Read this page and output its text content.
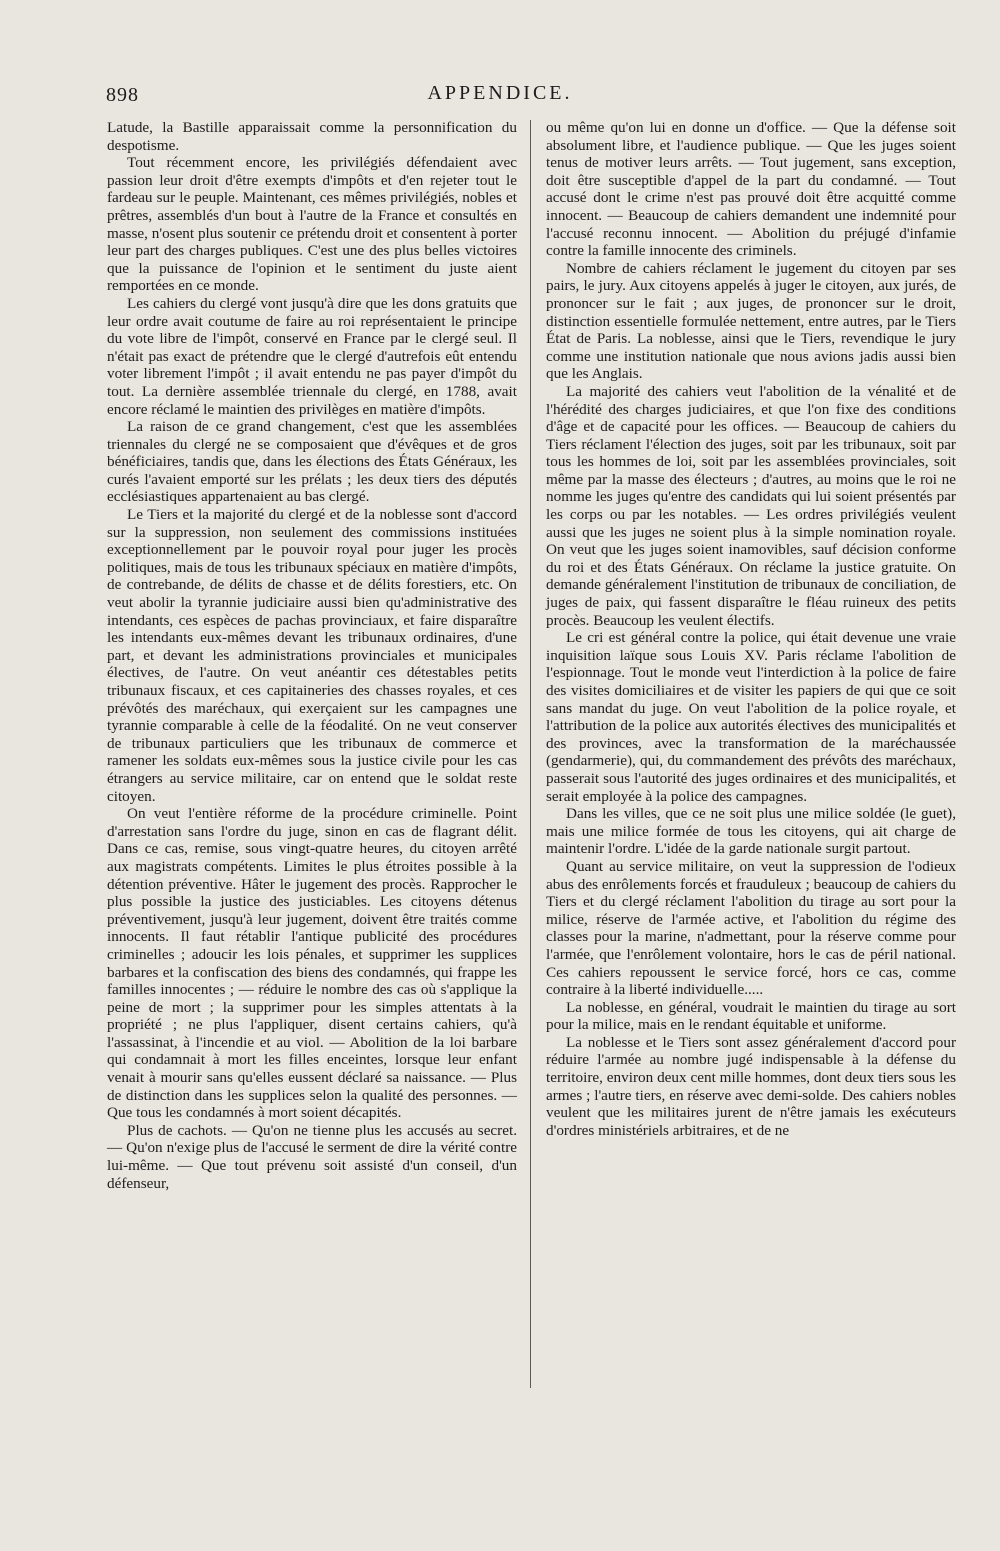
898	APPENDICE.

Latude, la Bastille apparaissait comme la personnification du despotisme.

Tout récemment encore, les privilégiés défendaient avec passion leur droit d'être exempts d'impôts et d'en rejeter tout le fardeau sur le peuple. Maintenant, ces mêmes privilégiés, nobles et prêtres, assemblés d'un bout à l'autre de la France et consultés en masse, n'osent plus soutenir ce prétendu droit et consentent à porter leur part des charges publiques. C'est une des plus belles victoires que la puissance de l'opinion et le sentiment du juste aient remportées en ce monde.

Les cahiers du clergé vont jusqu'à dire que les dons gratuits que leur ordre avait coutume de faire au roi représentaient le principe du vote libre de l'impôt, conservé en France par le clergé seul. Il n'était pas exact de prétendre que le clergé d'autrefois eût entendu voter librement l'impôt ; il avait entendu ne pas payer d'impôt du tout. La dernière assemblée triennale du clergé, en 1788, avait encore réclamé le maintien des privilèges en matière d'impôts.

La raison de ce grand changement, c'est que les assemblées triennales du clergé ne se composaient que d'évêques et de gros bénéficiaires, tandis que, dans les élections des États Généraux, les curés l'avaient emporté sur les prélats ; les deux tiers des députés ecclésiastiques appartenaient au bas clergé.

Le Tiers et la majorité du clergé et de la noblesse sont d'accord sur la suppression, non seulement des commissions instituées exceptionnellement par le pouvoir royal pour juger les procès politiques, mais de tous les tribunaux spéciaux en matière d'impôts, de contrebande, de délits de chasse et de délits forestiers, etc. On veut abolir la tyrannie judiciaire aussi bien qu'administrative des intendants, ces espèces de pachas provinciaux, et faire disparaître les intendants eux-mêmes devant les tribunaux ordinaires, d'une part, et devant les administrations provinciales et municipales électives, de l'autre. On veut anéantir ces détestables petits tribunaux fiscaux, et ces capitaineries des chasses royales, et ces prévôtés des maréchaux, qui exerçaient sur les campagnes une tyrannie comparable à celle de la féodalité. On ne veut conserver de tribunaux particuliers que les tribunaux de commerce et ramener les soldats eux-mêmes sous la justice civile pour les cas étrangers au service militaire, car on entend que le soldat reste citoyen.

On veut l'entière réforme de la procédure criminelle. Point d'arrestation sans l'ordre du juge, sinon en cas de flagrant délit. Dans ce cas, remise, sous vingt-quatre heures, du citoyen arrêté aux magistrats compétents. Limites le plus étroites possible à la détention préventive. Hâter le jugement des procès. Rapprocher le plus possible la justice des justiciables. Les citoyens détenus préventivement, jusqu'à leur jugement, doivent être traités comme innocents. Il faut rétablir l'antique publicité des procédures criminelles ; adoucir les lois pénales, et supprimer les supplices barbares et la confiscation des biens des condamnés, qui frappe les familles innocentes ; — réduire le nombre des cas où s'applique la peine de mort ; la supprimer pour les simples attentats à la propriété ; ne plus l'appliquer, disent certains cahiers, qu'à l'assassinat, à l'incendie et au viol. — Abolition de la loi barbare qui condamnait à mort les filles enceintes, lorsque leur enfant venait à mourir sans qu'elles eussent déclaré sa naissance. — Plus de distinction dans les supplices selon la qualité des personnes. — Que tous les condamnés à mort soient décapités.

Plus de cachots. — Qu'on ne tienne plus les accusés au secret. — Qu'on n'exige plus de l'accusé le serment de dire la vérité contre lui-même. — Que tout prévenu soit assisté d'un conseil, d'un défenseur,

ou même qu'on lui en donne un d'office. — Que la défense soit absolument libre, et l'audience publique. — Que les juges soient tenus de motiver leurs arrêts. — Tout jugement, sans exception, doit être susceptible d'appel de la part du condamné. — Tout accusé dont le crime n'est pas prouvé doit être acquitté comme innocent. — Beaucoup de cahiers demandent une indemnité pour l'accusé reconnu innocent. — Abolition du préjugé d'infamie contre la famille innocente des criminels.

Nombre de cahiers réclament le jugement du citoyen par ses pairs, le jury. Aux citoyens appelés à juger le citoyen, aux jurés, de prononcer sur le fait ; aux juges, de prononcer sur le droit, distinction essentielle formulée nettement, entre autres, par le Tiers État de Paris. La noblesse, ainsi que le Tiers, revendique le jury comme une institution nationale que nous avions jadis aussi bien que les Anglais.

La majorité des cahiers veut l'abolition de la vénalité et de l'hérédité des charges judiciaires, et que l'on fixe des conditions d'âge et de capacité pour les offices. — Beaucoup de cahiers du Tiers réclament l'élection des juges, soit par les tribunaux, soit par tous les hommes de loi, soit par les assemblées provinciales, soit même par la masse des électeurs ; d'autres, au moins que le roi ne nomme les juges qu'entre des candidats qui lui soient présentés par les corps ou par les notables. — Les ordres privilégiés veulent aussi que les juges ne soient plus à la simple nomination royale. On veut que les juges soient inamovibles, sauf décision conforme du roi et des États Généraux. On réclame la justice gratuite. On demande généralement l'institution de tribunaux de conciliation, de juges de paix, qui fassent disparaître le fléau ruineux des petits procès. Beaucoup les veulent électifs.

Le cri est général contre la police, qui était devenue une vraie inquisition laïque sous Louis XV. Paris réclame l'abolition de l'espionnage. Tout le monde veut l'interdiction à la police de faire des visites domiciliaires et de visiter les papiers de qui que ce soit sans mandat du juge. On veut l'abolition de la police royale, et l'attribution de la police aux autorités électives des municipalités et des provinces, avec la transformation de la maréchaussée (gendarmerie), qui, du commandement des prévôts des maréchaux, passerait sous l'autorité des juges ordinaires et des municipalités, et serait employée à la police des campagnes.

Dans les villes, que ce ne soit plus une milice soldée (le guet), mais une milice formée de tous les citoyens, qui ait charge de maintenir l'ordre. L'idée de la garde nationale surgit partout.

Quant au service militaire, on veut la suppression de l'odieux abus des enrôlements forcés et frauduleux ; beaucoup de cahiers du Tiers et du clergé réclament l'abolition du tirage au sort pour la milice, réserve de l'armée active, et l'abolition du régime des classes pour la marine, n'admettant, pour la réserve comme pour l'armée, que l'enrôlement volontaire, hors le cas de péril national. Ces cahiers repoussent le service forcé, hors ce cas, comme contraire à la liberté individuelle.....

La noblesse, en général, voudrait le maintien du tirage au sort pour la milice, mais en le rendant équitable et uniforme.

La noblesse et le Tiers sont assez généralement d'accord pour réduire l'armée au nombre jugé indispensable à la défense du territoire, environ deux cent mille hommes, dont deux tiers sous les armes ; l'autre tiers, en réserve avec demi-solde. Des cahiers nobles veulent que les militaires jurent de n'être jamais les exécuteurs d'ordres ministériels arbitraires, et de ne
